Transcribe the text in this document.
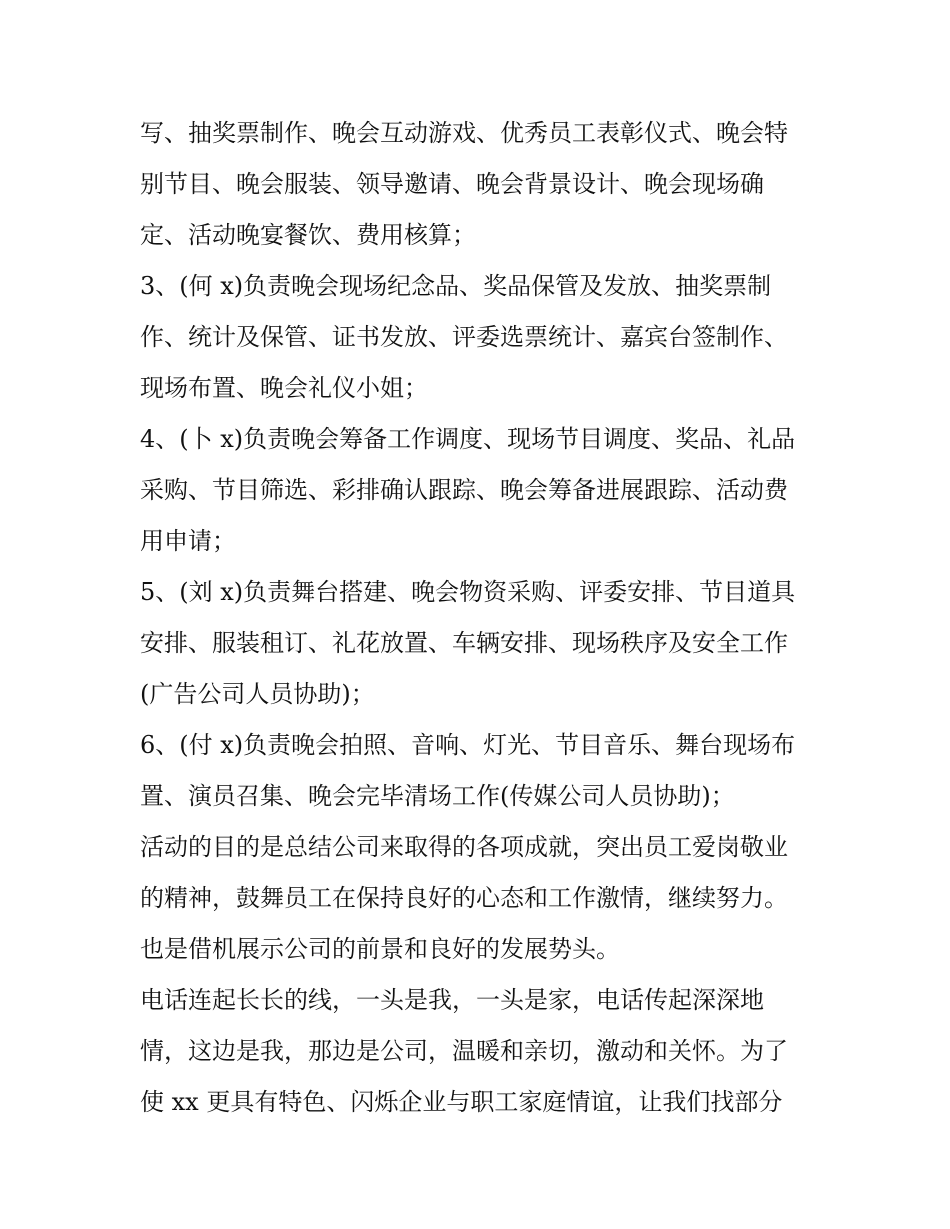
写、抽奖票制作、晚会互动游戏、优秀员工表彰仪式、晚会特
别节目、晚会服装、领导邀请、晚会背景设计、晚会现场确
定、活动晚宴餐饮、费用核算；
3、(何 x)负责晚会现场纪念品、奖品保管及发放、抽奖票制
作、统计及保管、证书发放、评委选票统计、嘉宾台签制作、
现场布置、晚会礼仪小姐；
4、(卜 x)负责晚会筹备工作调度、现场节目调度、奖品、礼品
采购、节目筛选、彩排确认跟踪、晚会筹备进展跟踪、活动费
用申请；
5、(刘 x)负责舞台搭建、晚会物资采购、评委安排、节目道具
安排、服装租订、礼花放置、车辆安排、现场秩序及安全工作
(广告公司人员协助)；
6、(付 x)负责晚会拍照、音响、灯光、节目音乐、舞台现场布
置、演员召集、晚会完毕清场工作(传媒公司人员协助)；
活动的目的是总结公司来取得的各项成就，突出员工爱岗敬业
的精神，鼓舞员工在保持良好的心态和工作激情，继续努力。
也是借机展示公司的前景和良好的发展势头。
电话连起长长的线，一头是我，一头是家，电话传起深深地
情，这边是我，那边是公司，温暖和亲切，激动和关怀。为了
使 xx 更具有特色、闪烁企业与职工家庭情谊，让我们找部分
